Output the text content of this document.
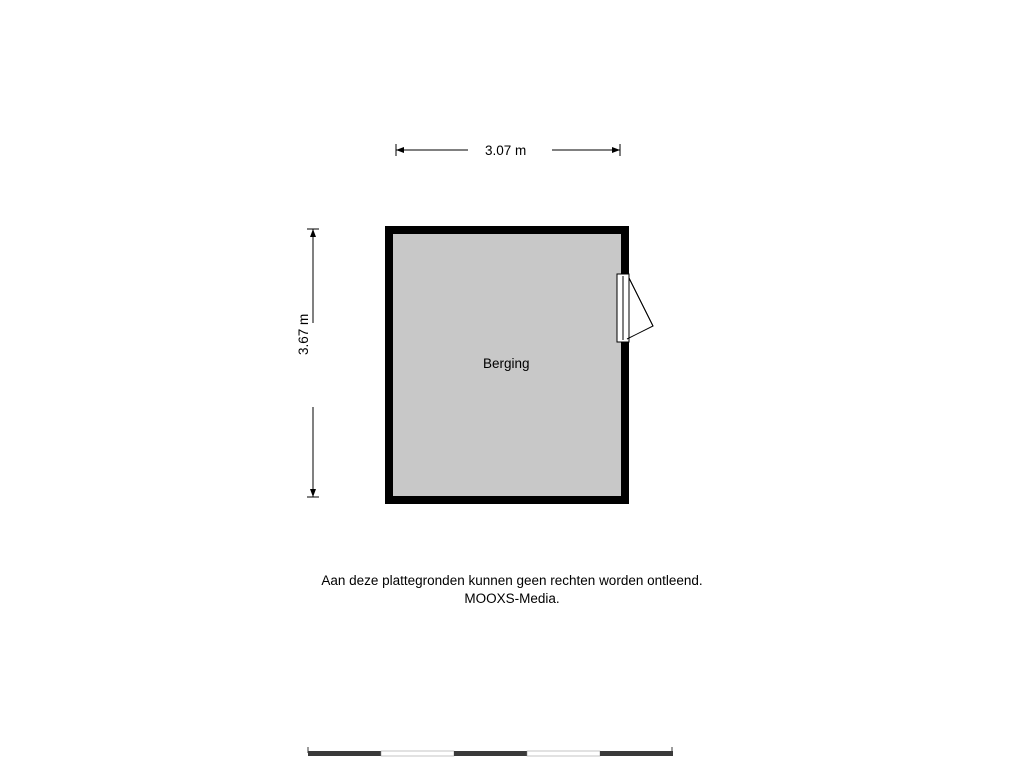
3.07 m
3.67 m
Berging
Aan deze plattegronden kunnen geen rechten worden ontleend.
MOOXS-Media.
